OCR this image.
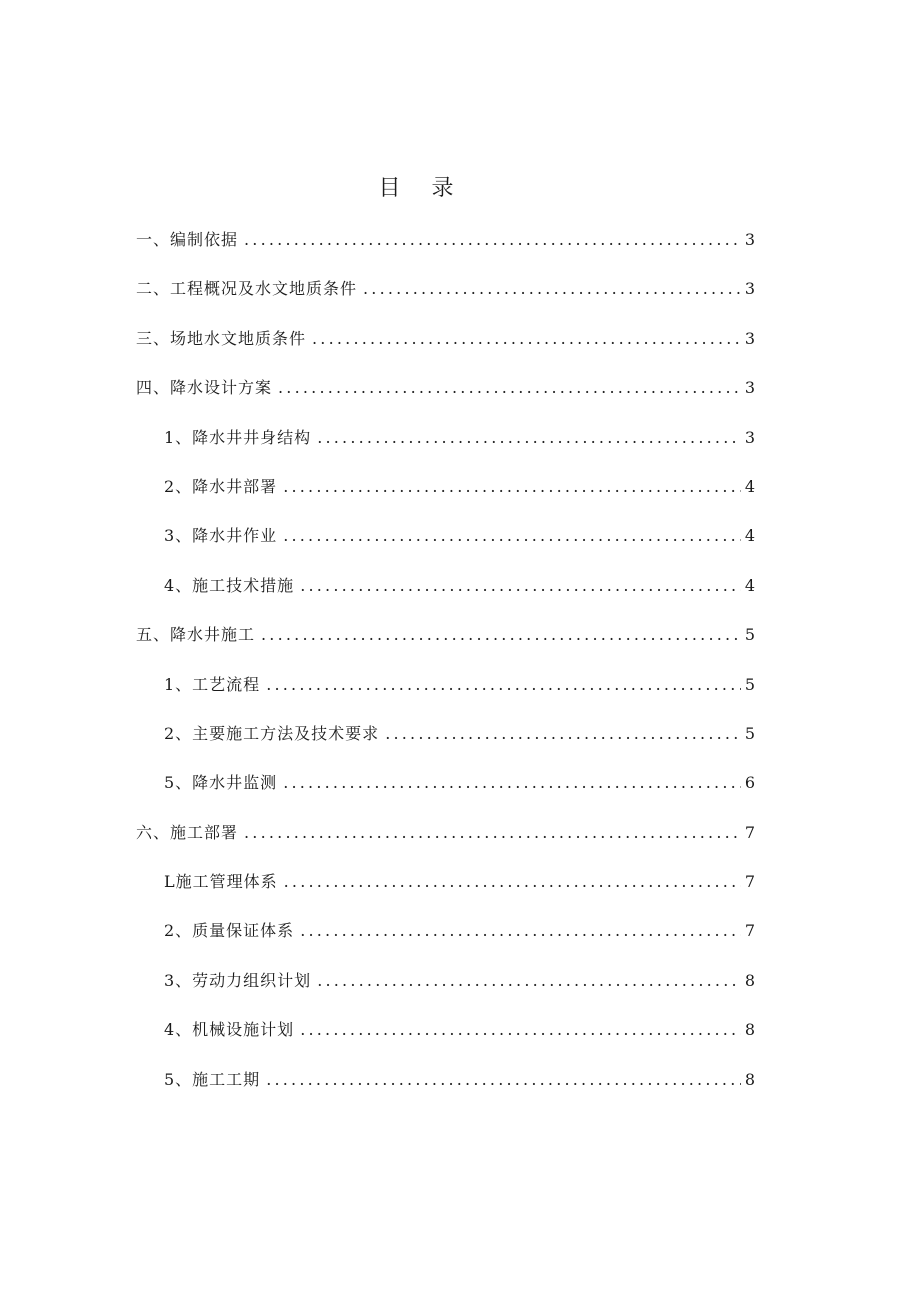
目 录
一、编制依据 .....	3
二、工程概况及水文地质条件 .....	3
三、场地水文地质条件 .....	3
四、降水设计方案 .....	3
1、降水井井身结构 .....	3
2、降水井部署 .....	4
3、降水井作业 .....	4
4、施工技术措施 .....	4
五、降水井施工 .....	5
1、工艺流程 .....	5
2、主要施工方法及技术要求 .....	5
5、降水井监测 .....	6
六、施工部署 .....	7
L施工管理体系 .....	7
2、质量保证体系 .....	7
3、劳动力组织计划 .....	8
4、机械设施计划 .....	8
5、施工工期 .....	8
